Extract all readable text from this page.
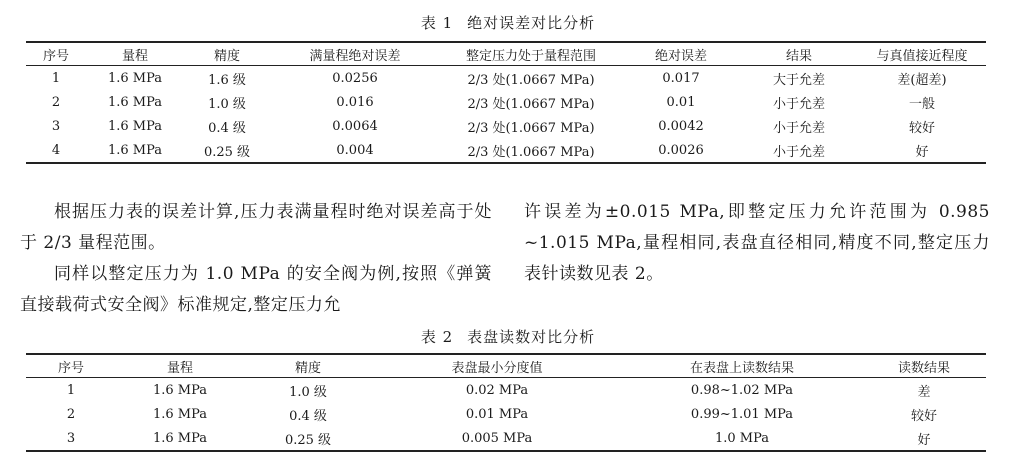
表 1 绝对误差对比分析
序号	量程	精度	满量程绝对误差	整定压力处于量程范围	绝对误差	结果	与真值接近程度
1	1.6 MPa	1.6 级	0.0256	2/3 处(1.0667 MPa)	0.017	大于允差	差(超差)
2	1.6 MPa	1.0 级	0.016	2/3 处(1.0667 MPa)	0.01	小于允差	一般
3	1.6 MPa	0.4 级	0.0064	2/3 处(1.0667 MPa)	0.0042	小于允差	较好
4	1.6 MPa	0.25 级	0.004	2/3 处(1.0667 MPa)	0.0026	小于允差	好

根据压力表的误差计算,压力表满量程时绝对误差高于处于 2/3 量程范围。

同样以整定压力为 1.0 MPa 的安全阀为例,按照《弹簧直接载荷式安全阀》标准规定,整定压力允

许误差为±0.015 MPa,即整定压力允许范围为 0.985 ~1.015 MPa,量程相同,表盘直径相同,精度不同,整定压力表针读数见表 2。

表 2 表盘读数对比分析
序号	量程	精度	表盘最小分度值	在表盘上读数结果	读数结果
1	1.6 MPa	1.0 级	0.02 MPa	0.98~1.02 MPa	差
2	1.6 MPa	0.4 级	0.01 MPa	0.99~1.01 MPa	较好
3	1.6 MPa	0.25 级	0.005 MPa	1.0 MPa	好
